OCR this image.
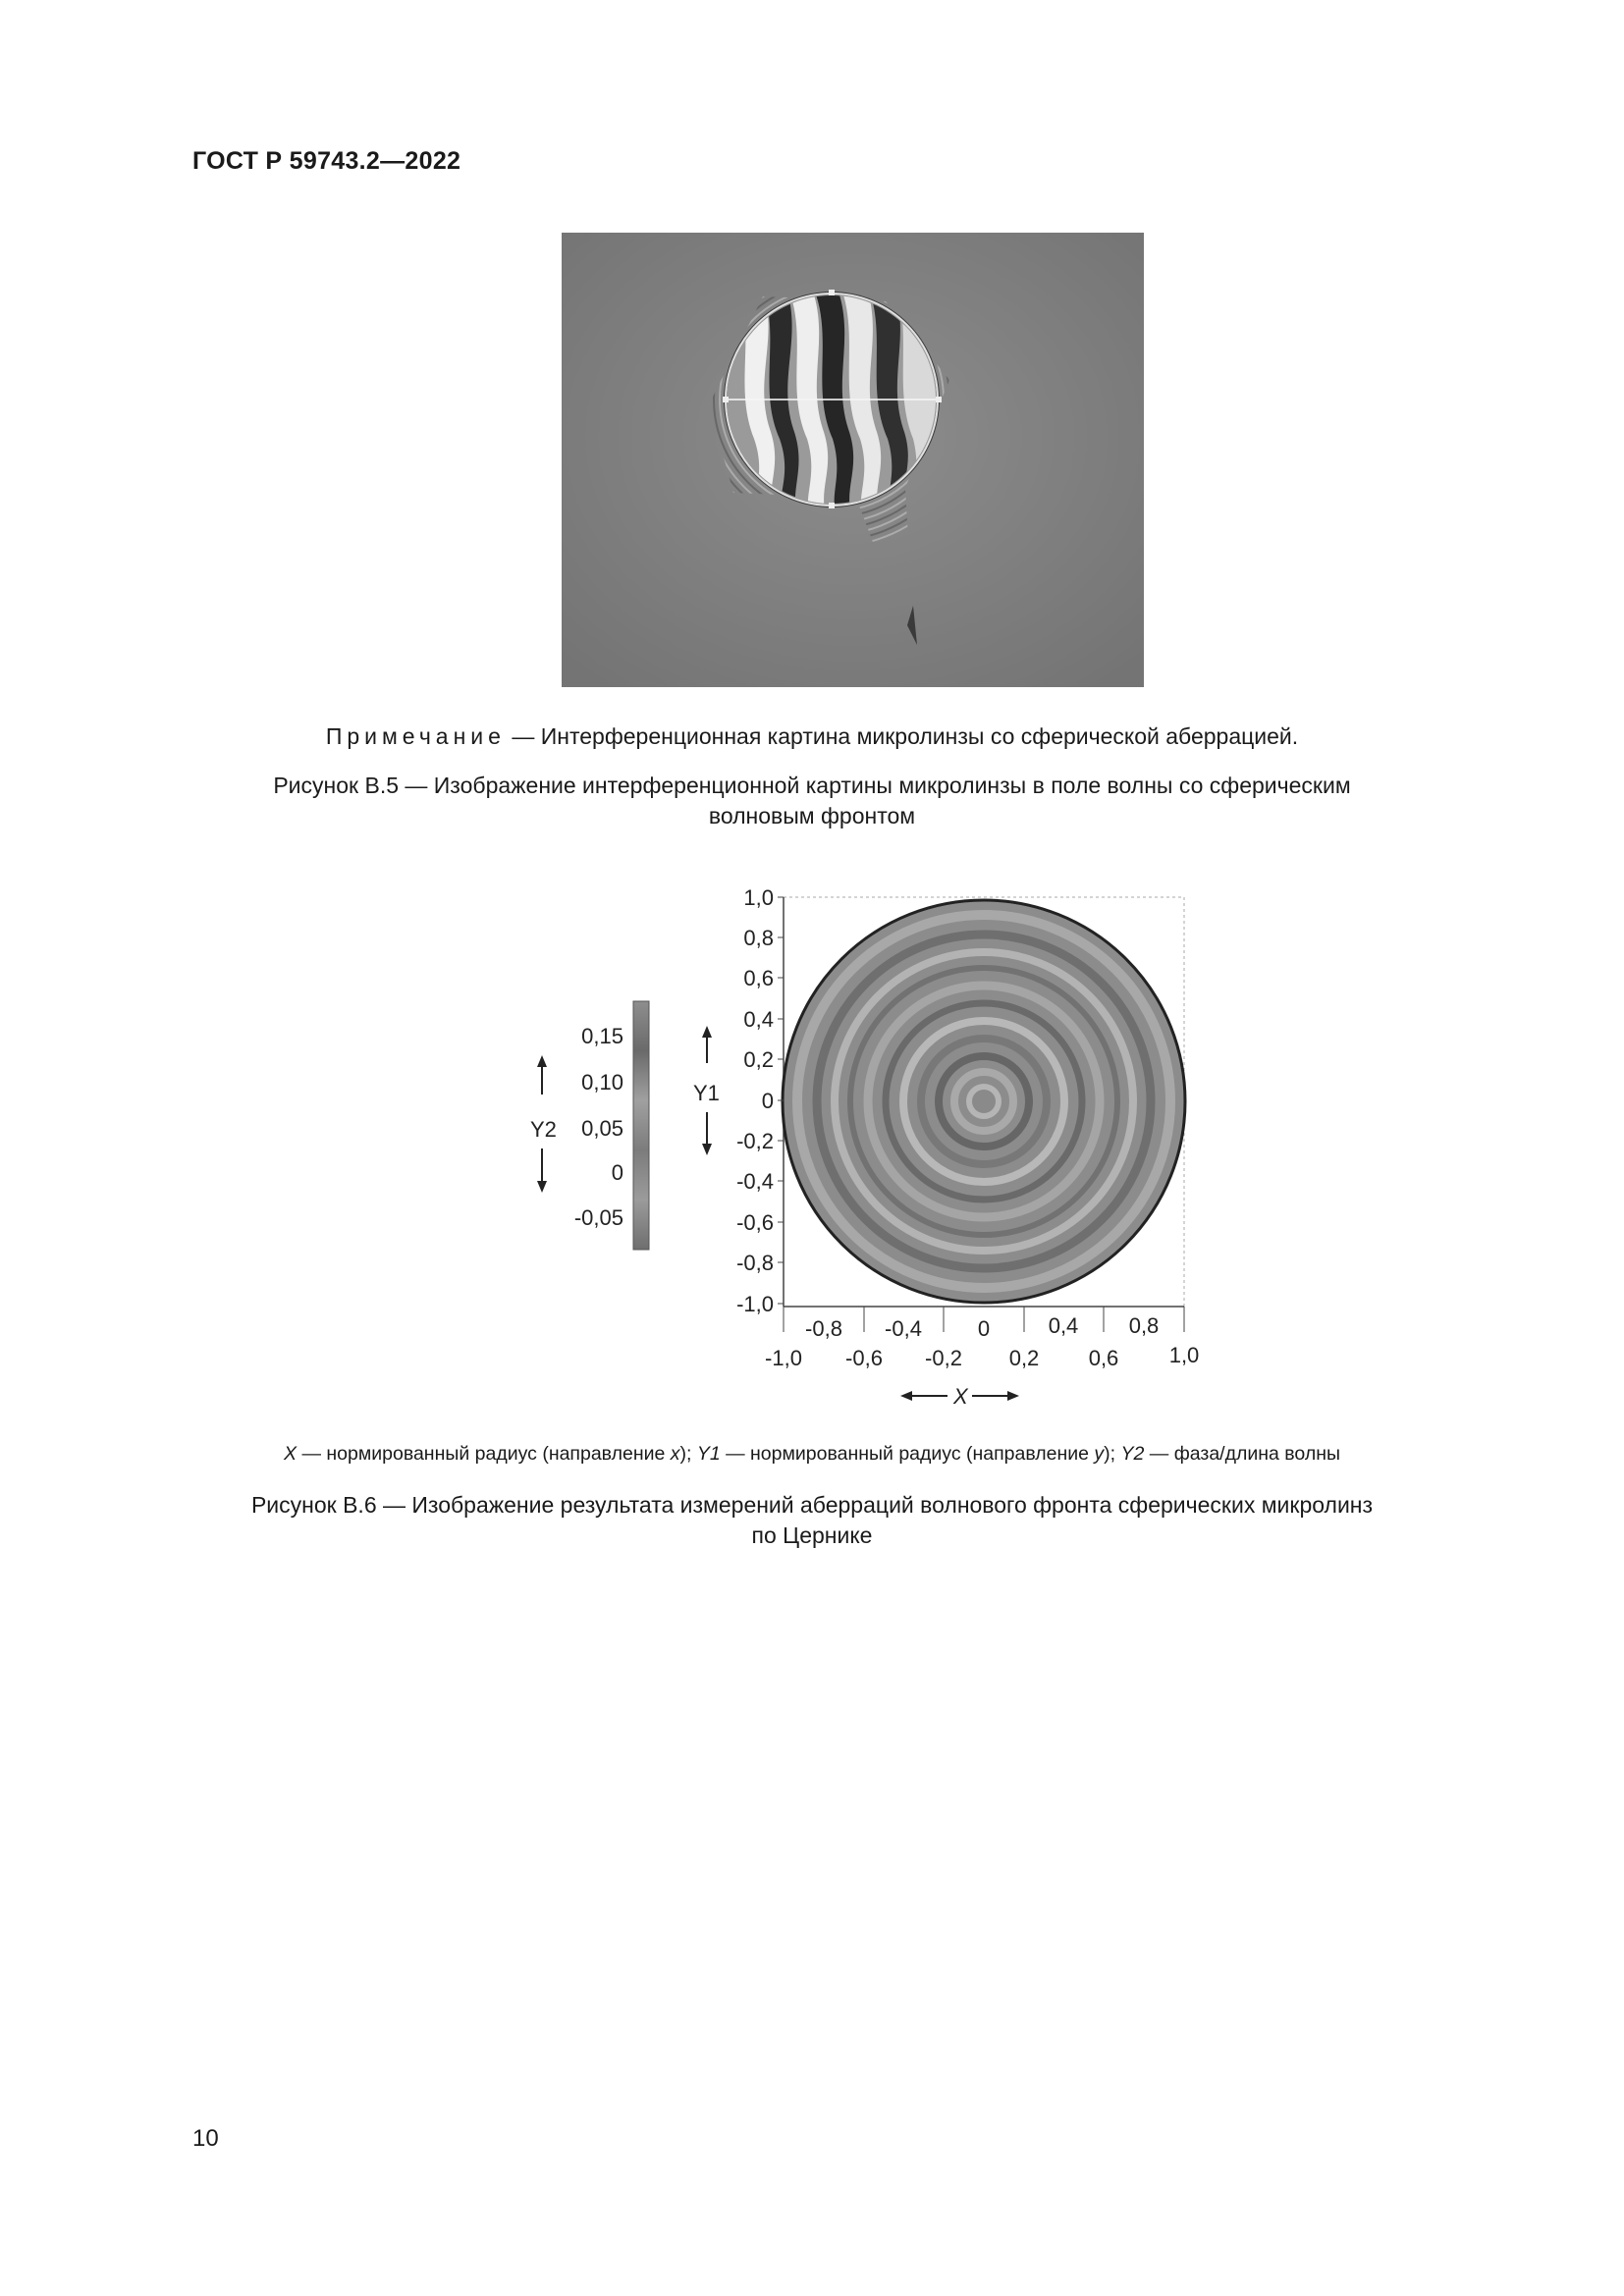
ГОСТ Р 59743.2—2022
Примечание — Интерференционная картина микролинзы со сферической аберрацией.
Рисунок В.5 — Изображение интерференционной картины микролинзы в поле волны со сферическим
волновым фронтом
0,15
0,10
0,05
0
-0,05
Y2
Y1
1,0
0,8
0,6
0,4
0,2
0
-0,2
-0,4
-0,6
-0,8
-1,0
-0,8 -0,4	0	0,4 0,8
-1,0 -0,6 -0,2 0,2 0,6 1,0
X
X — нормированный радиус (направление x); Y1 — нормированный радиус (направление y); Y2 — фаза/длина волны
Рисунок В.6 — Изображение результата измерений аберраций волнового фронта сферических микролинз
по Цернике
10
